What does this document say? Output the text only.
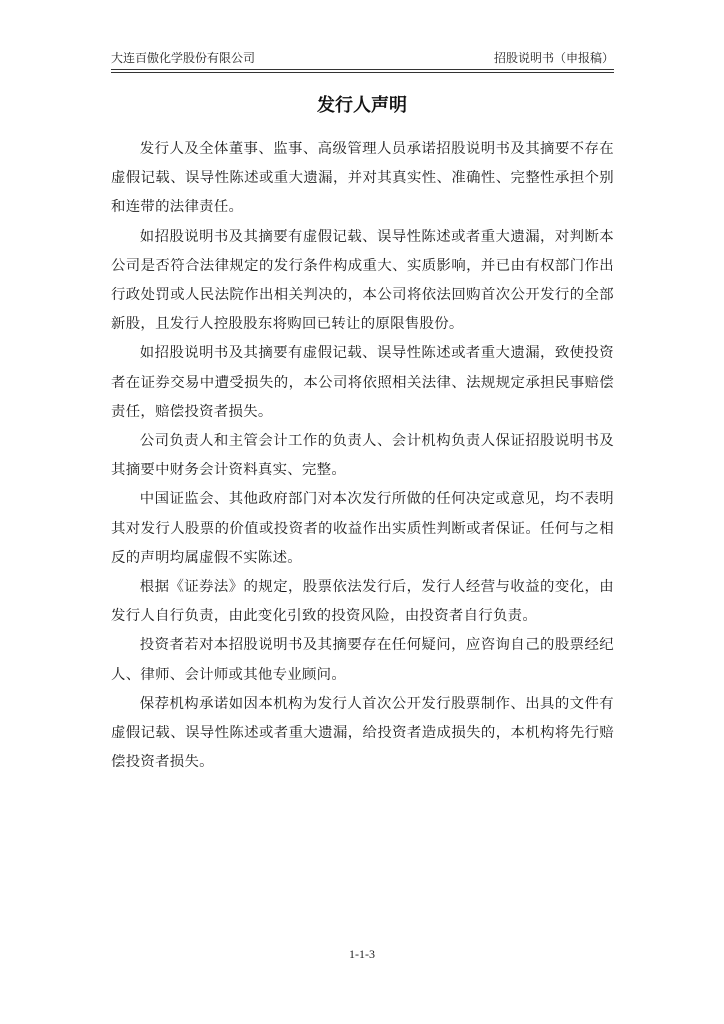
大连百傲化学股份有限公司	招股说明书（申报稿）
发行人声明

发行人及全体董事、监事、高级管理人员承诺招股说明书及其摘要不存在虚假记载、误导性陈述或重大遗漏，并对其真实性、准确性、完整性承担个别和连带的法律责任。

如招股说明书及其摘要有虚假记载、误导性陈述或者重大遗漏，对判断本公司是否符合法律规定的发行条件构成重大、实质影响，并已由有权部门作出行政处罚或人民法院作出相关判决的，本公司将依法回购首次公开发行的全部新股，且发行人控股股东将购回已转让的原限售股份。

如招股说明书及其摘要有虚假记载、误导性陈述或者重大遗漏，致使投资者在证券交易中遭受损失的，本公司将依照相关法律、法规规定承担民事赔偿责任，赔偿投资者损失。

公司负责人和主管会计工作的负责人、会计机构负责人保证招股说明书及其摘要中财务会计资料真实、完整。

中国证监会、其他政府部门对本次发行所做的任何决定或意见，均不表明其对发行人股票的价值或投资者的收益作出实质性判断或者保证。任何与之相反的声明均属虚假不实陈述。

根据《证券法》的规定，股票依法发行后，发行人经营与收益的变化，由发行人自行负责，由此变化引致的投资风险，由投资者自行负责。

投资者若对本招股说明书及其摘要存在任何疑问，应咨询自己的股票经纪人、律师、会计师或其他专业顾问。

保荐机构承诺如因本机构为发行人首次公开发行股票制作、出具的文件有虚假记载、误导性陈述或者重大遗漏，给投资者造成损失的，本机构将先行赔偿投资者损失。

1-1-3
